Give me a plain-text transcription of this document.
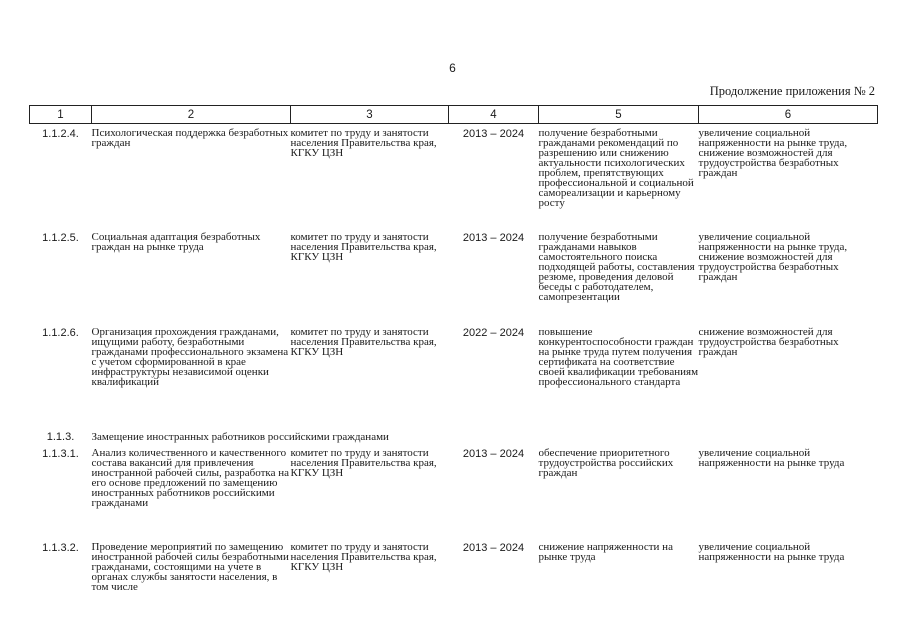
6
Продолжение приложения № 2
1	2	3	4	5	6

1.1.2.4.	Психологическая поддержка безработных граждан	комитет по труду и занятости населения Правительства края, КГКУ ЦЗН	2013 – 2024	получение безработными гражданами рекомендаций по разрешению или снижению актуальности психологических проблем, препятствующих профессиональной и социальной самореализации и карьерному росту	увеличение социальной напряженности на рынке труда, снижение возможностей для трудоустройства безработных граждан
1.1.2.5.	Социальная адаптация безработных граждан на рынке труда	комитет по труду и занятости населения Правительства края, КГКУ ЦЗН	2013 – 2024	получение безработными гражданами навыков самостоятельного поиска подходящей работы, составления резюме, проведения деловой беседы с работодателем, самопрезентации	увеличение социальной напряженности на рынке труда, снижение возможностей для трудоустройства безработных граждан
1.1.2.6.	Организация прохождения гражданами, ищущими работу, безработными гражданами профессионального экзамена с учетом сформированной в крае инфраструктуры независимой оценки квалификаций	комитет по труду и занятости населения Правительства края, КГКУ ЦЗН	2022 – 2024	повышение конкурентоспособности граждан на рынке труда путем получения сертификата на соответствие своей квалификации требованиям профессионального стандарта	снижение возможностей для трудоустройства безработных граждан
1.1.3.	Замещение иностранных работников российскими гражданами				
1.1.3.1.	Анализ количественного и качественного состава вакансий для привлечения иностранной рабочей силы, разработка на его основе предложений по замещению иностранных работников российскими гражданами	комитет по труду и занятости населения Правительства края, КГКУ ЦЗН	2013 – 2024	обеспечение приоритетного трудоустройства российских граждан	увеличение социальной напряженности на рынке труда
1.1.3.2.	Проведение мероприятий по замещению иностранной рабочей силы безработными гражданами, состоящими на учете в органах службы занятости населения, в том числе	комитет по труду и занятости населения Правительства края, КГКУ ЦЗН	2013 – 2024	снижение напряженности на рынке труда	увеличение социальной напряженности на рынке труда
